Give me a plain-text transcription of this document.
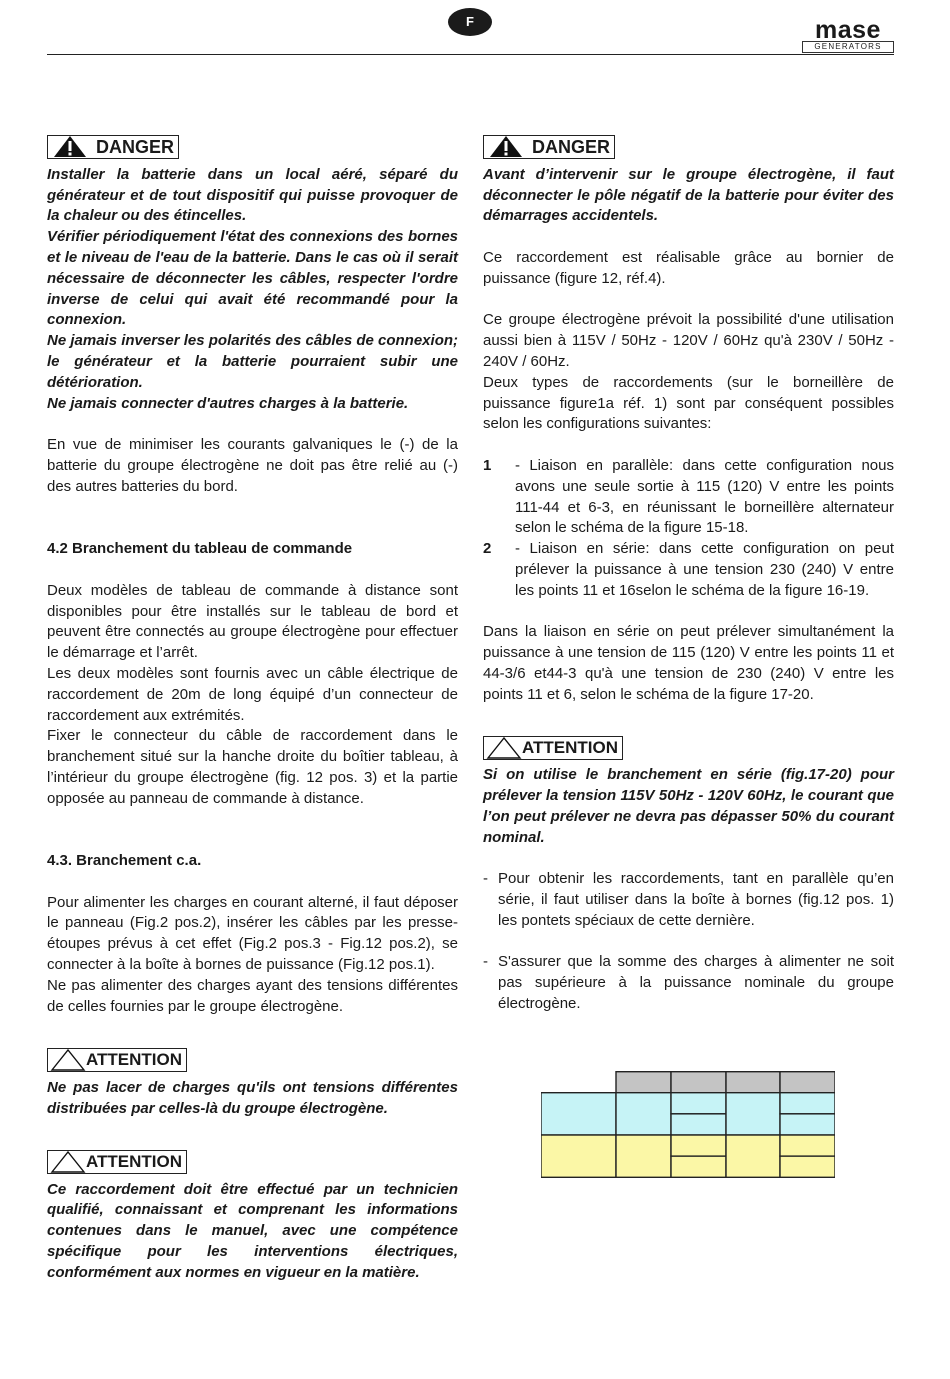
F	mase
GENERATORS
DANGER

Installer la batterie dans un local aéré, séparé du générateur et de tout dispositif qui puisse provoquer de la chaleur ou des étincelles.

Vérifier périodiquement l'état des connexions des bornes et le niveau de l'eau de la batterie. Dans le cas où il serait nécessaire de déconnecter les câbles, respecter l'ordre inverse de celui qui avait été recommandé pour la connexion.

Ne jamais inverser les polarités des câbles de connexion; le générateur et la batterie pourraient subir une détérioration.

Ne jamais connecter d'autres charges à la batterie.

En vue de minimiser les courants galvaniques le (-) de la batterie du groupe électrogène ne doit pas être relié au (-) des autres batteries du bord.

4.2 Branchement du tableau de commande

Deux modèles de tableau de commande à distance sont disponibles pour être installés sur le tableau de bord et peuvent être connectés au groupe électrogène pour effectuer le démarrage et l’arrêt.

Les deux modèles sont fournis avec un câble électrique de raccordement de 20m de long équipé d’un connecteur de raccordement aux extrémités.

Fixer le connecteur du câble de raccordement dans le branchement situé sur la hanche droite du boîtier tableau, à l’intérieur du groupe électrogène (fig. 12 pos. 3) et la partie opposée au panneau de commande à distance.

4.3. Branchement c.a.

Pour alimenter les charges en courant alterné, il faut déposer le panneau (Fig.2 pos.2), insérer les câbles par les presse-étoupes prévus à cet effet (Fig.2 pos.3 - Fig.12 pos.2), se connecter à la boîte à bornes de puissance (Fig.12 pos.1).

Ne pas alimenter des charges ayant des tensions différentes de celles fournies par le groupe électrogène.

ATTENTION

Ne pas lacer de charges qu'ils ont tensions différentes distribuées par celles-là du groupe électrogène.

ATTENTION

Ce raccordement doit être effectué par un technicien qualifié, connaissant et comprenant les informations contenues dans le manuel, avec une compétence spécifique pour les interventions électriques, conformément aux normes en vigueur en la matière.

DANGER

Avant d’intervenir sur le groupe électrogène, il faut déconnecter le pôle négatif de la batterie pour éviter des démarrages accidentels.

Ce raccordement est réalisable grâce au bornier de puissance (figure 12, réf.4).

Ce groupe électrogène prévoit la possibilité d'une utilisation aussi bien à 115V / 50Hz - 120V / 60Hz qu'à 230V / 50Hz - 240V / 60Hz.

Deux types de raccordements (sur le borneillère de puissance figure1a réf. 1) sont par conséquent possibles selon les configurations suivantes:

1	- Liaison en parallèle: dans cette configuration nous avons une seule sortie à 115 (120) V entre les points 111-44 et 6-3, en réunissant le borneillère alternateur selon le schéma de la figure 15-18.
2	- Liaison en série: dans cette configuration on peut prélever la puissance à une tension 230 (240) V entre les points 11 et 16selon le schéma de la figure 16-19.

Dans la liaison en série on peut prélever simultanément la puissance à une tension de 115 (120) V entre les points 11 et 44-3/6 et44-3 qu'à une tension de 230 (240) V entre les points 11 et 6, selon le schéma de la figure 17-20.

ATTENTION

Si on utilise le branchement en série (fig.17-20) pour prélever la tension 115V 50Hz - 120V 60Hz, le courant que l’on peut prélever ne devra pas dépasser 50% du courant nominal.

- Pour obtenir les raccordements, tant en parallèle qu’en série, il faut utiliser dans la boîte à bornes (fig.12 pos. 1) les pontets spéciaux de cette dernière.
- S'assurer que la somme des charges à alimenter ne soit pas supérieure à la puissance nominale du groupe électrogène.
